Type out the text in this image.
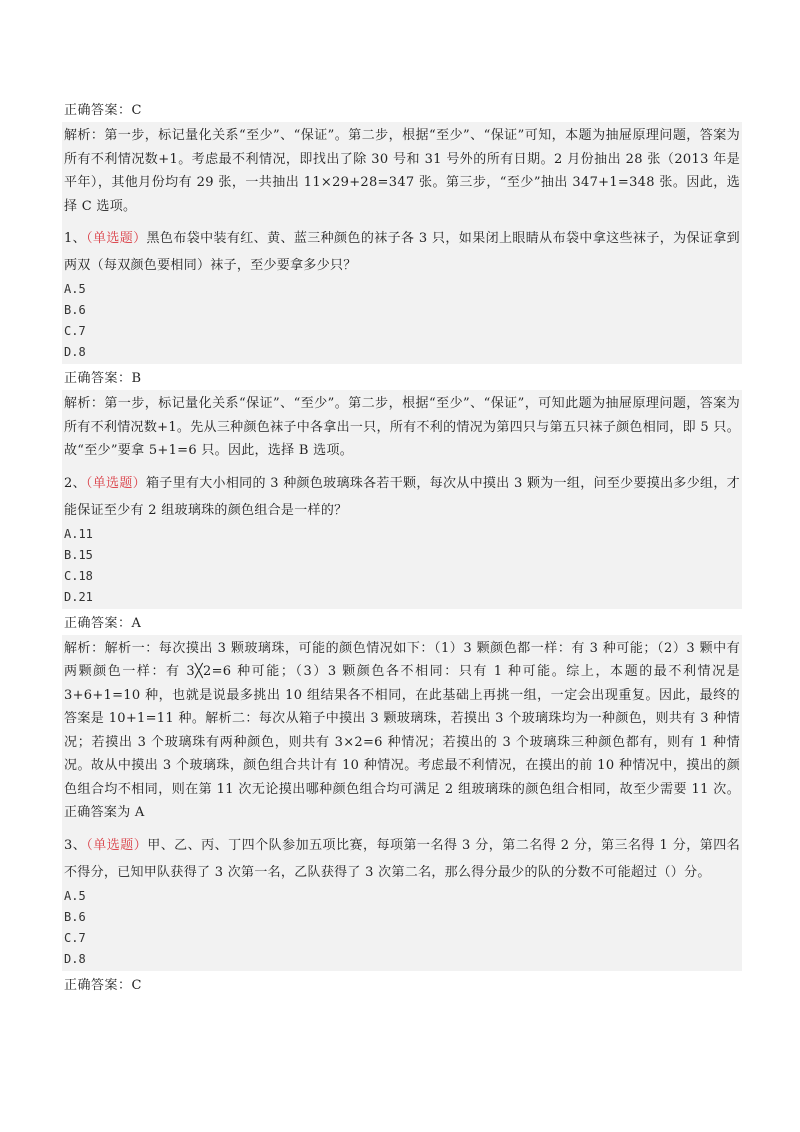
正确答案：C
解析：第一步，标记量化关系“至少”、“保证”。第二步，根据“至少”、“保证”可知，本题为抽屉原理问题，答案为所有不利情况数+1。考虑最不利情况，即找出了除 30 号和 31 号外的所有日期。2 月份抽出 28 张（2013 年是平年），其他月份均有 29 张，一共抽出 11×29+28=347 张。第三步，“至少”抽出 347+1=348 张。因此，选择 C 选项。
1、（单选题）黑色布袋中装有红、黄、蓝三种颜色的袜子各 3 只，如果闭上眼睛从布袋中拿这些袜子，为保证拿到两双（每双颜色要相同）袜子，至少要拿多少只？
A.5
B.6
C.7
D.8
正确答案：B
解析：第一步，标记量化关系“保证”、“至少”。第二步，根据“至少”、“保证”，可知此题为抽屉原理问题，答案为所有不利情况数+1。先从三种颜色袜子中各拿出一只，所有不利的情况为第四只与第五只袜子颜色相同，即 5 只。故“至少”要拿 5+1=6 只。因此，选择 B 选项。
2、（单选题）箱子里有大小相同的 3 种颜色玻璃珠各若干颗，每次从中摸出 3 颗为一组，问至少要摸出多少组，才能保证至少有 2 组玻璃珠的颜色组合是一样的？
A.11
B.15
C.18
D.21
正确答案：A
解析：解析一：每次摸出 3 颗玻璃珠，可能的颜色情况如下：（1）3 颗颜色都一样：有 3 种可能；（2）3 颗中有两颗颜色一样：有 3╳2=6 种可能；（3）3 颗颜色各不相同：只有 1 种可能。综上，本题的最不利情况是 3+6+1=10 种，也就是说最多挑出 10 组结果各不相同，在此基础上再挑一组，一定会出现重复。因此，最终的答案是 10+1=11 种。解析二：每次从箱子中摸出 3 颗玻璃珠，若摸出 3 个玻璃珠均为一种颜色，则共有 3 种情况；若摸出 3 个玻璃珠有两种颜色，则共有 3×2=6 种情况；若摸出的 3 个玻璃珠三种颜色都有，则有 1 种情况。故从中摸出 3 个玻璃珠，颜色组合共计有 10 种情况。考虑最不利情况，在摸出的前 10 种情况中，摸出的颜色组合均不相同，则在第 11 次无论摸出哪种颜色组合均可满足 2 组玻璃珠的颜色组合相同，故至少需要 11 次。正确答案为 A
3、（单选题）甲、乙、丙、丁四个队参加五项比赛，每项第一名得 3 分，第二名得 2 分，第三名得 1 分，第四名不得分，已知甲队获得了 3 次第一名，乙队获得了 3 次第二名，那么得分最少的队的分数不可能超过（）分。
A.5
B.6
C.7
D.8
正确答案：C
